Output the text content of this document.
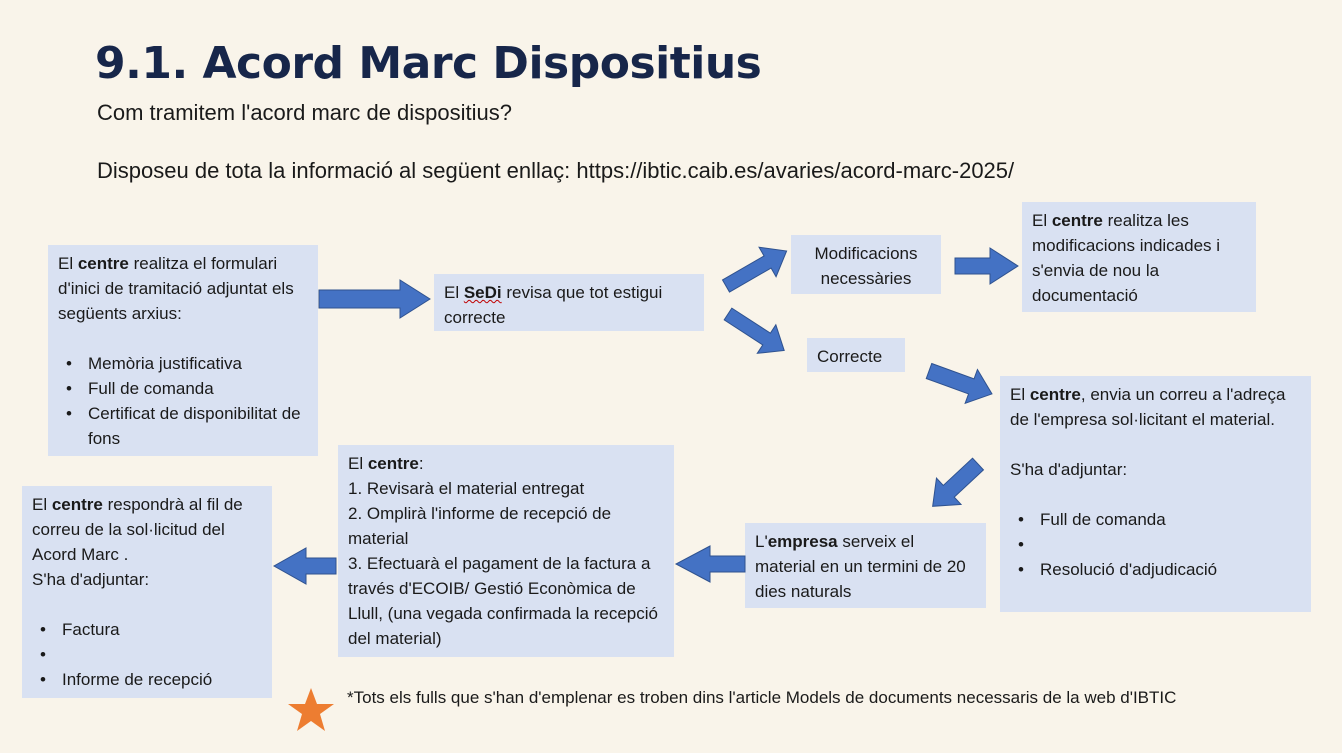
9.1. Acord Marc Dispositius
Com tramitem l'acord marc de dispositius?
Disposeu de tota la informació al següent enllaç: https://ibtic.caib.es/avaries/acord-marc-2025/

El centre realitza el formulari d'inici de tramitació adjuntat els següents arxius:

• Memòria justificativa
• Full de comanda
• Certificat de disponibilitat de fons

El SeDi revisa que tot estigui correcte

Modificacions necessàries

El centre realitza les modificacions indicades i s'envia de nou la documentació

Correcte

El centre, envia un correu a l'adreça de l'empresa sol·licitant el material.

S'ha d'adjuntar:

• Full de comanda
•
• Resolució d'adjudicació

L'empresa serveix el material en un termini de 20 dies naturals

El centre:

1. Revisarà el material entregat

2. Omplirà l'informe de recepció de material

3. Efectuarà el pagament de la factura a través d'ECOIB/ Gestió Econòmica de Llull, (una vegada confirmada la recepció del material)

El centre respondrà al fil de correu de la sol·licitud del Acord Marc .

S'ha d'adjuntar:

• Factura
•
• Informe de recepció
*Tots els fulls que s'han d'emplenar es troben dins l'article Models de documents necessaris de la web d'IBTIC
